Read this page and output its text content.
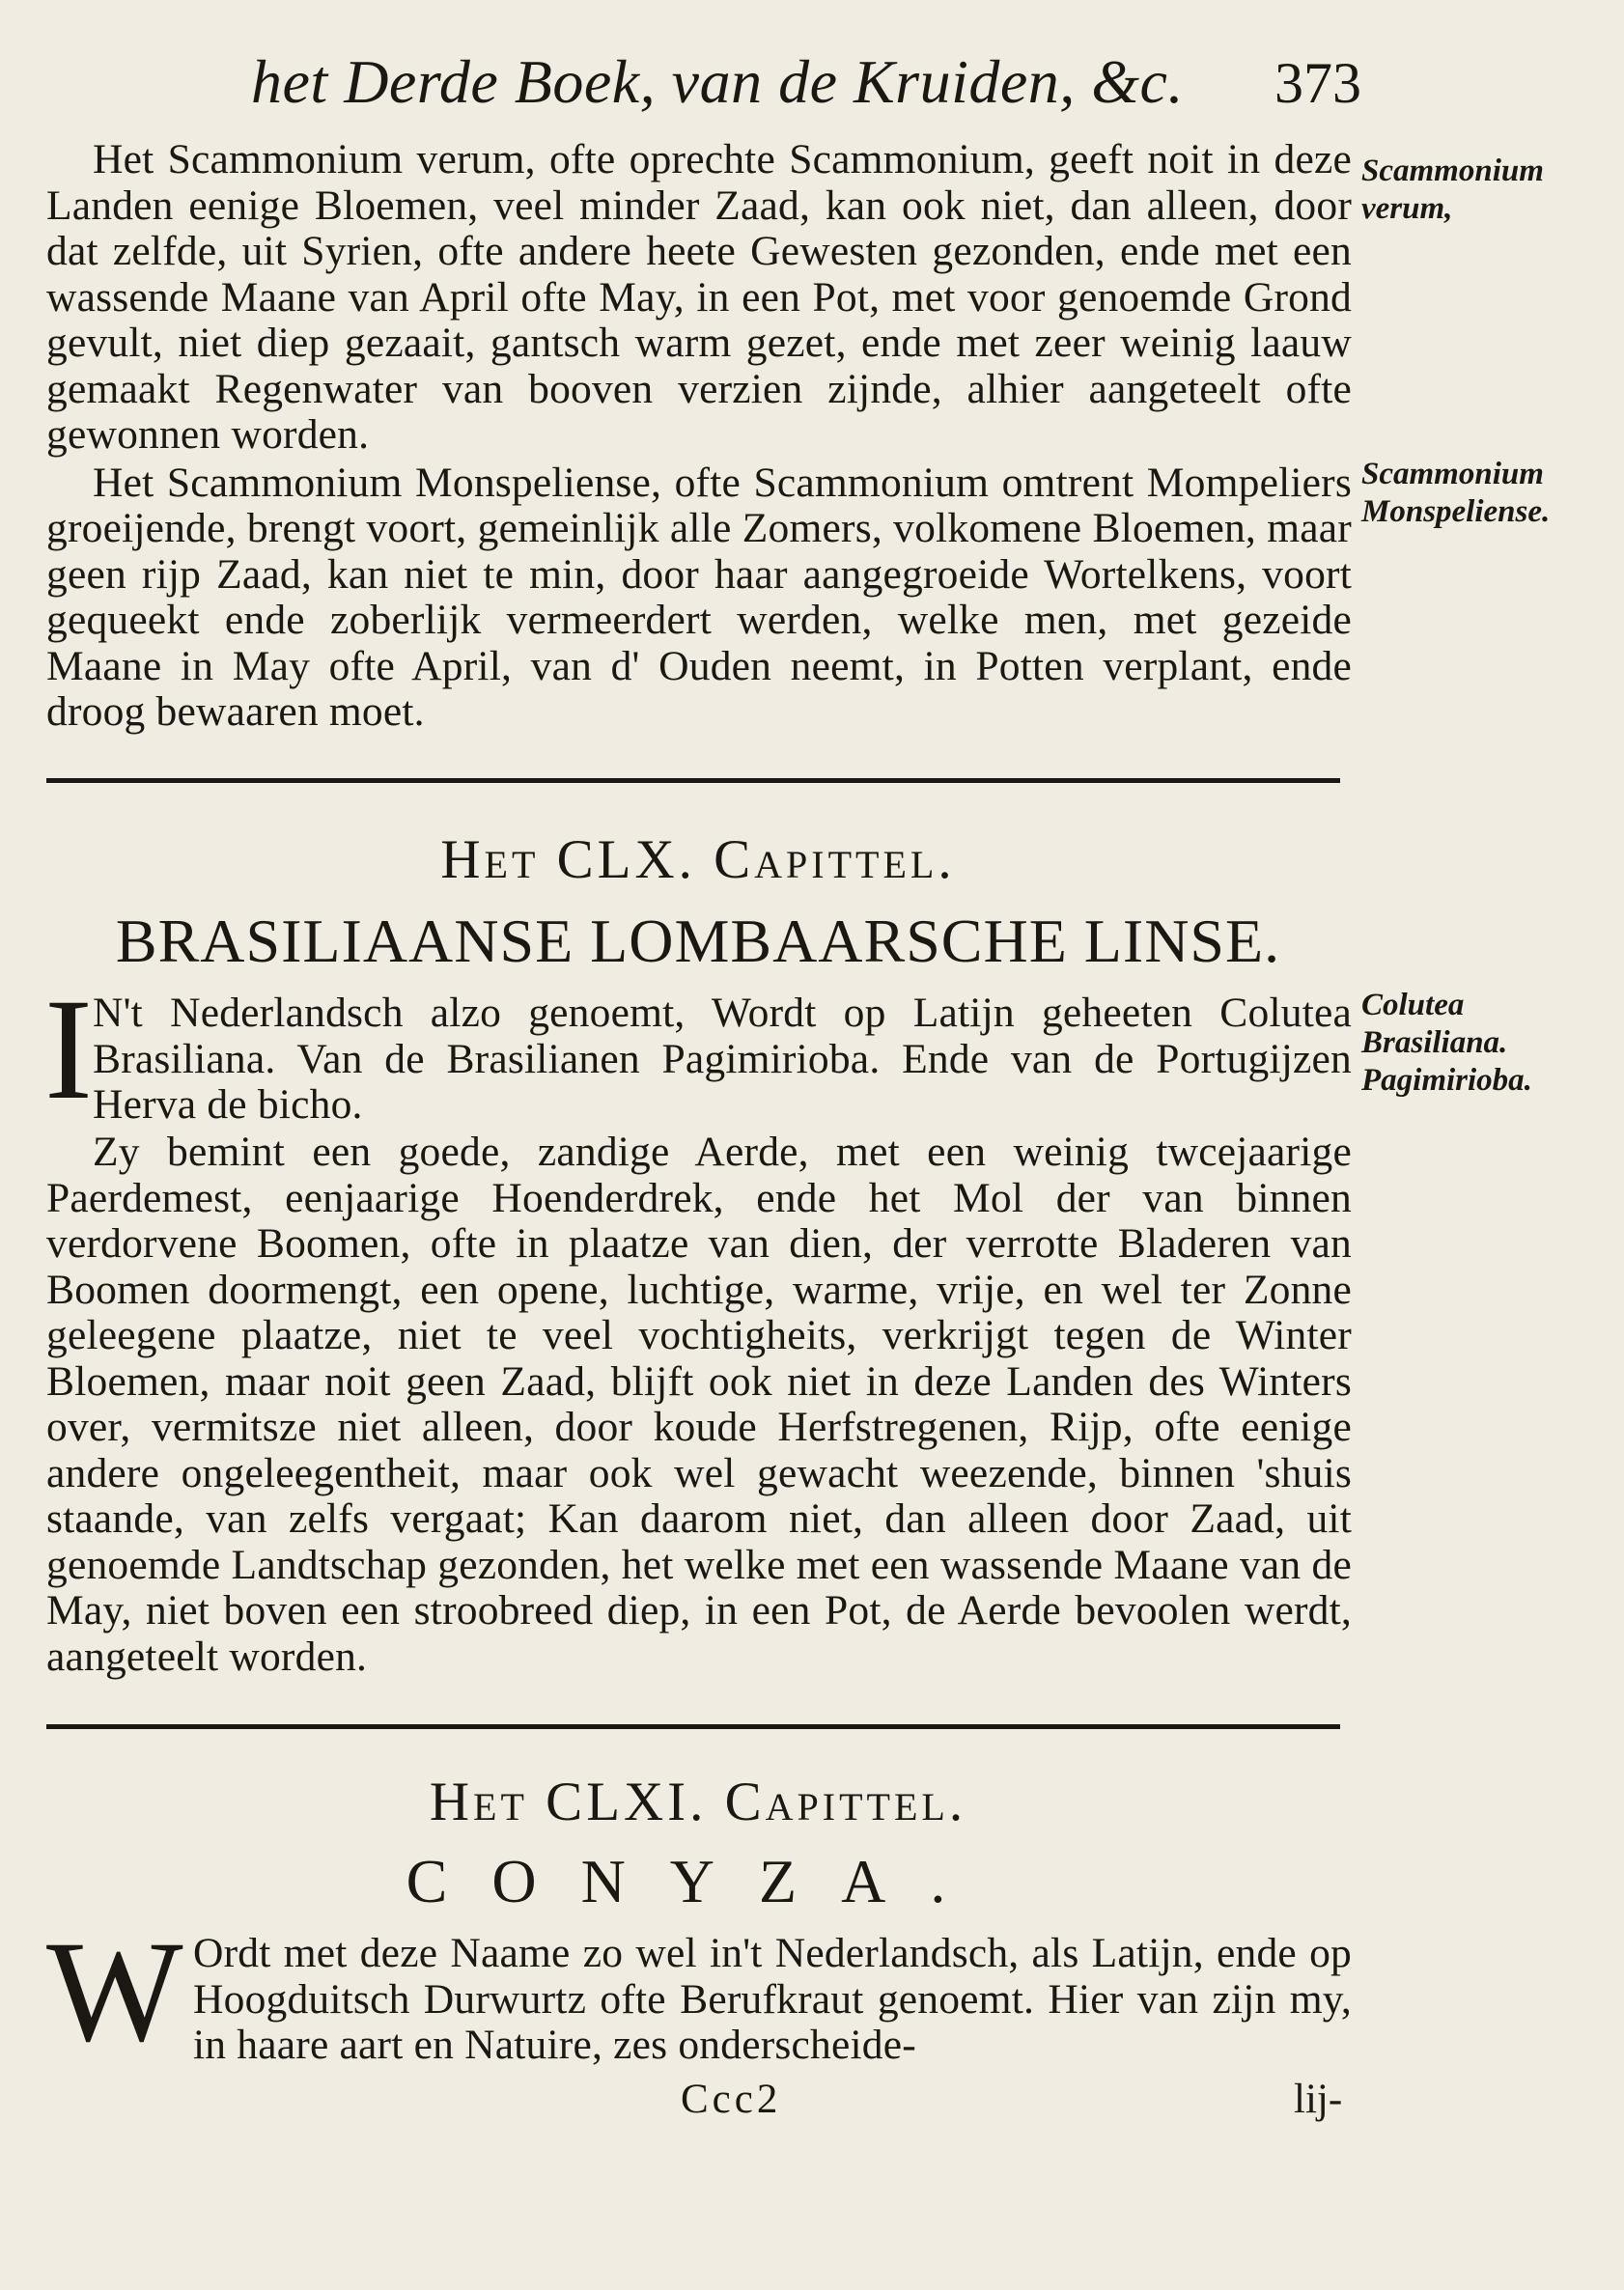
het Derde Boek, van de Kruiden, &c. 373

Het Scammonium verum, ofte oprechte Scammonium, geeft noit in deze Landen eenige Bloemen, veel minder Zaad, kan ook niet, dan alleen, door dat zelfde, uit Syrien, ofte andere heete Gewesten gezonden, ende met een wassende Maane van April ofte May, in een Pot, met voor genoemde Grond gevult, niet diep gezaait, gantsch warm gezet, ende met zeer weinig laauw gemaakt Regenwater van booven verzien zijnde, alhier aangeteelt ofte gewonnen worden.

Het Scammonium Monspeliense, ofte Scammonium omtrent Mompeliers groeijende, brengt voort, gemeinlijk alle Zomers, volkomene Bloemen, maar geen rijp Zaad, kan niet te min, door haar aangegroeide Wortelkens, voort gequeekt ende zoberlijk vermeerdert werden, welke men, met gezeide Maane in May ofte April, van d' Ouden neemt, in Potten verplant, ende droog bewaaren moet.

Scammonium verum,
Scammonium Monspeliense.
Het CLX. Capittel.
BRASILIAANSE LOMBAARSCHE LINSE.
I N't Nederlandsch alzo genoemt, Wordt op Latijn geheeten Colutea Brasiliana. Van de Brasilianen Pagimirioba. Ende van de Portugijzen Herva de bicho.

Zy bemint een goede, zandige Aerde, met een weinig twcejaarige Paerdemest, eenjaarige Hoenderdrek, ende het Mol der van binnen verdorvene Boomen, ofte in plaatze van dien, der verrotte Bladeren van Boomen doormengt, een opene, luchtige, warme, vrije, en wel ter Zonne geleegene plaatze, niet te veel vochtigheits, verkrijgt tegen de Winter Bloemen, maar noit geen Zaad, blijft ook niet in deze Landen des Winters over, vermitsze niet alleen, door koude Herfstregenen, Rijp, ofte eenige andere ongeleegentheit, maar ook wel gewacht weezende, binnen 'shuis staande, van zelfs vergaat; Kan daarom niet, dan alleen door Zaad, uit genoemde Landtschap gezonden, het welke met een wassende Maane van de May, niet boven een stroobreed diep, in een Pot, de Aerde bevoolen werdt, aangeteelt worden.

Colutea Brasiliana. Pagimirioba.
Het CLXI. Capittel.
CONYZA.
W Ordt met deze Naame zo wel in't Nederlandsch, als Latijn, ende op Hoogduitsch Durwurtz ofte Berufkraut genoemt. Hier van zijn my, in haare aart en Natuire, zes onderscheide-

Ccc2	lij-
